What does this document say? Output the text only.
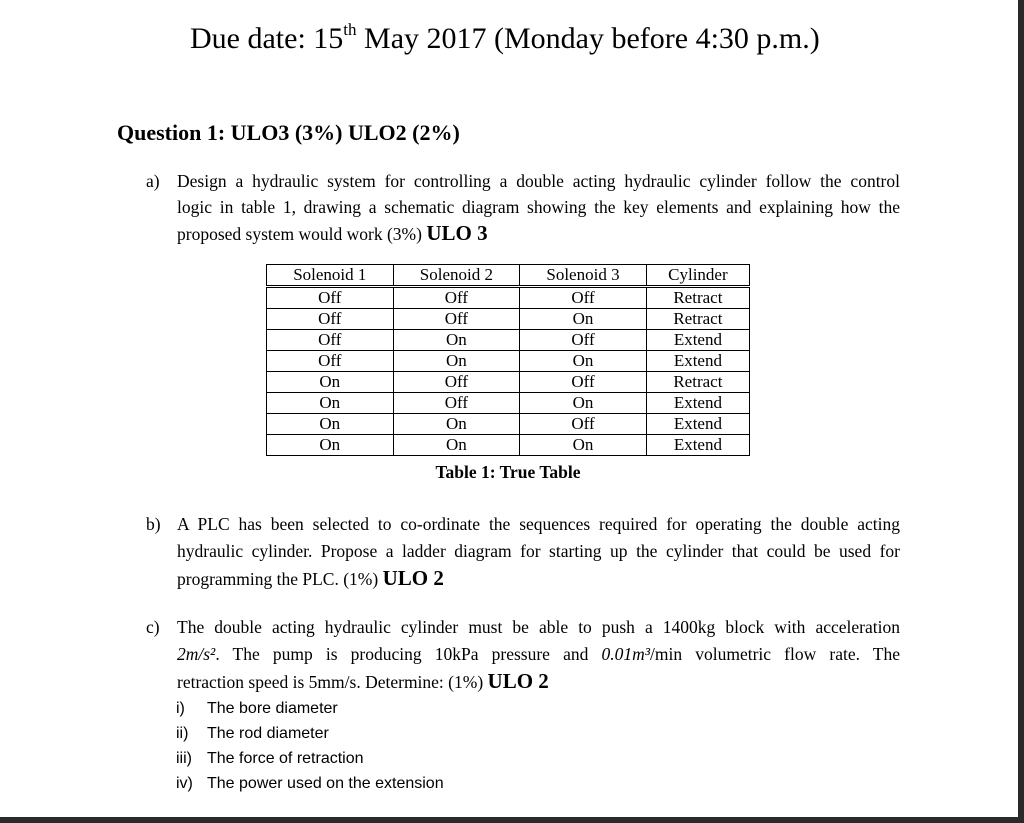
Due date: 15th May 2017 (Monday before 4:30 p.m.)
Question 1: ULO3 (3%) ULO2 (2%)
a) Design a hydraulic system for controlling a double acting hydraulic cylinder follow the control
logic in table 1, drawing a schematic diagram showing the key elements and explaining how the
proposed system would work (3%) ULO 3
Solenoid 1	Solenoid 2	Solenoid 3	Cylinder
Off	Off	Off	Retract
Off	Off	On	Retract
Off	On	Off	Extend
Off	On	On	Extend
On	Off	Off	Retract
On	Off	On	Extend
On	On	Off	Extend
On	On	On	Extend
Table 1: True Table
b) A PLC has been selected to co-ordinate the sequences required for operating the double acting
hydraulic cylinder. Propose a ladder diagram for starting up the cylinder that could be used for
programming the PLC. (1%) ULO 2
c) The double acting hydraulic cylinder must be able to push a 1400kg block with acceleration
2m/s². The pump is producing 10kPa pressure and 0.01m³/min volumetric flow rate. The
retraction speed is 5mm/s. Determine: (1%) ULO 2
i) The bore diameter
ii) The rod diameter
iii) The force of retraction
iv) The power used on the extension
